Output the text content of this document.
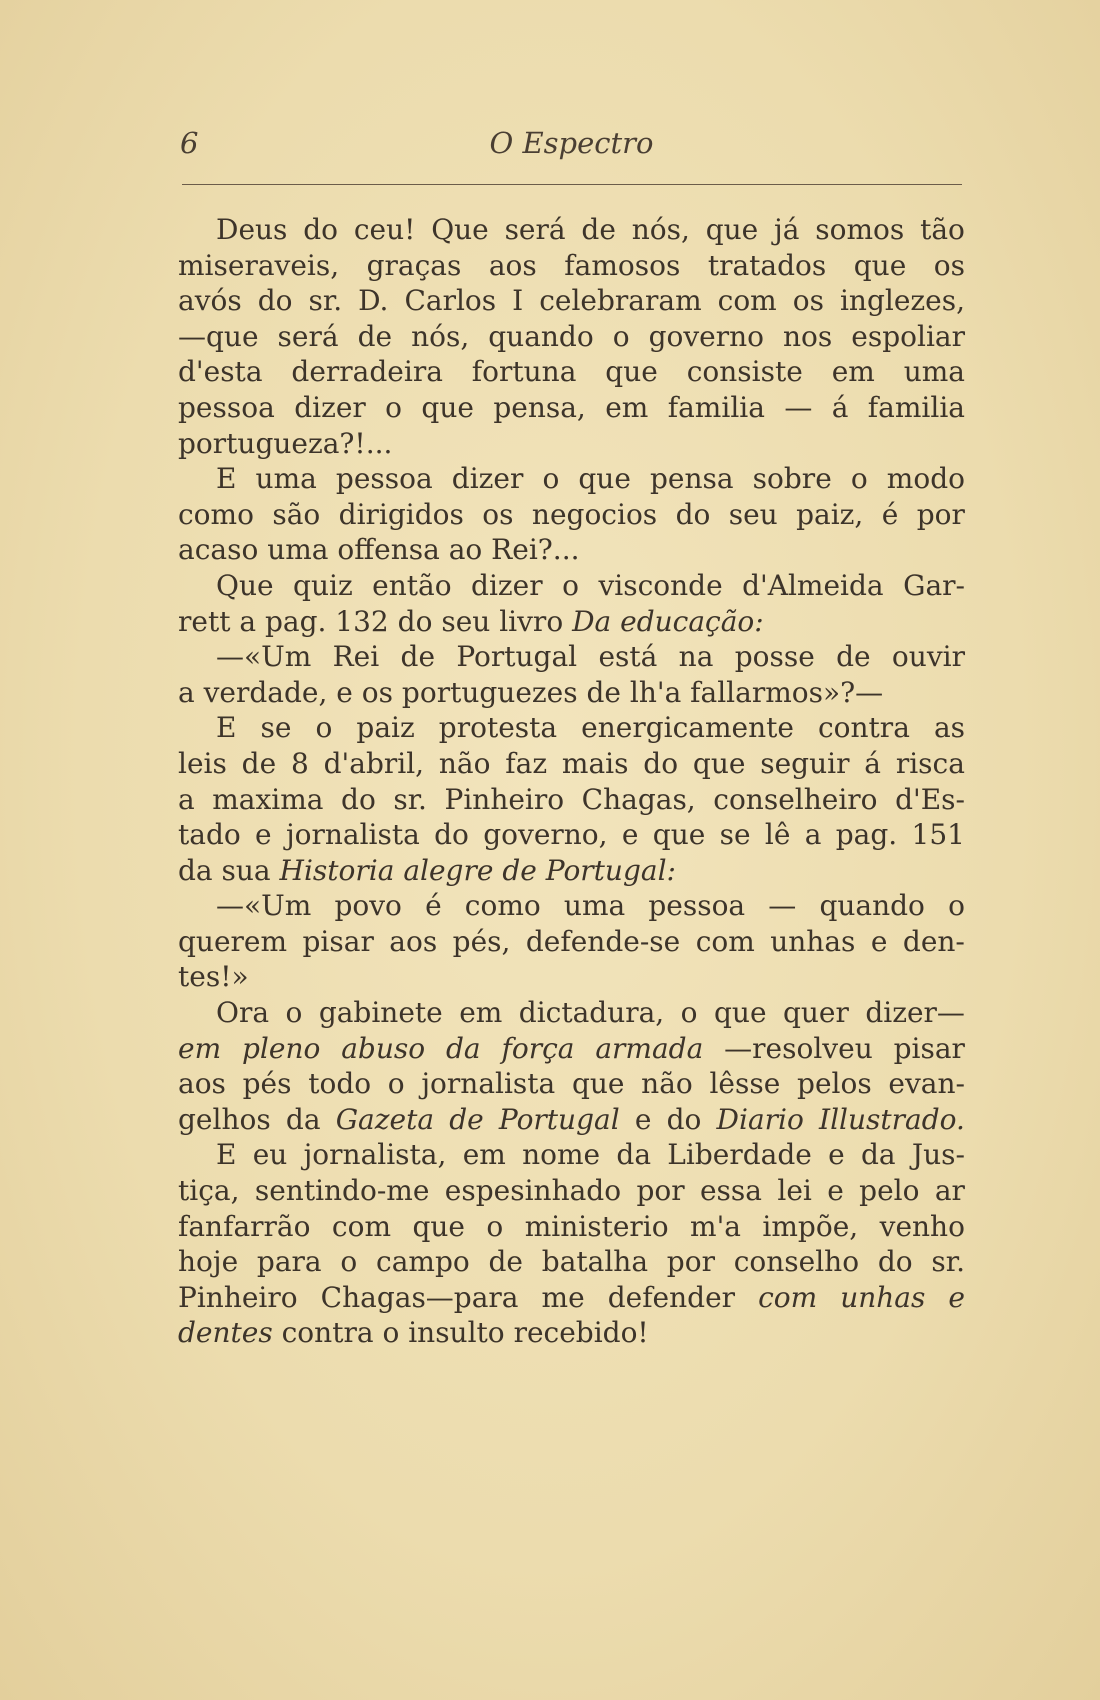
6	O Espectro
Deus do ceu! Que será de nós, que já somos tão
miseraveis, graças aos famosos tratados que os
avós do sr. D. Carlos I celebraram com os inglezes,
—que será de nós, quando o governo nos espoliar
d'esta derradeira fortuna que consiste em uma
pessoa dizer o que pensa, em familia — á familia
portugueza?!...
E uma pessoa dizer o que pensa sobre o modo
como são dirigidos os negocios do seu paiz, é por
acaso uma offensa ao Rei?...
Que quiz então dizer o visconde d'Almeida Gar-
rett a pag. 132 do seu livro Da educação:
—«Um Rei de Portugal está na posse de ouvir
a verdade, e os portuguezes de lh'a fallarmos»?—
E se o paiz protesta energicamente contra as
leis de 8 d'abril, não faz mais do que seguir á risca
a maxima do sr. Pinheiro Chagas, conselheiro d'Es-
tado e jornalista do governo, e que se lê a pag. 151
da sua Historia alegre de Portugal:
—«Um povo é como uma pessoa — quando o
querem pisar aos pés, defende-se com unhas e den-
tes!»
Ora o gabinete em dictadura, o que quer dizer—
em pleno abuso da força armada —resolveu pisar
aos pés todo o jornalista que não lêsse pelos evan-
gelhos da Gazeta de Portugal e do Diario Illustrado.
E eu jornalista, em nome da Liberdade e da Jus-
tiça, sentindo-me espesinhado por essa lei e pelo ar
fanfarrão com que o ministerio m'a impõe, venho
hoje para o campo de batalha por conselho do sr.
Pinheiro Chagas—para me defender com unhas e
dentes contra o insulto recebido!
